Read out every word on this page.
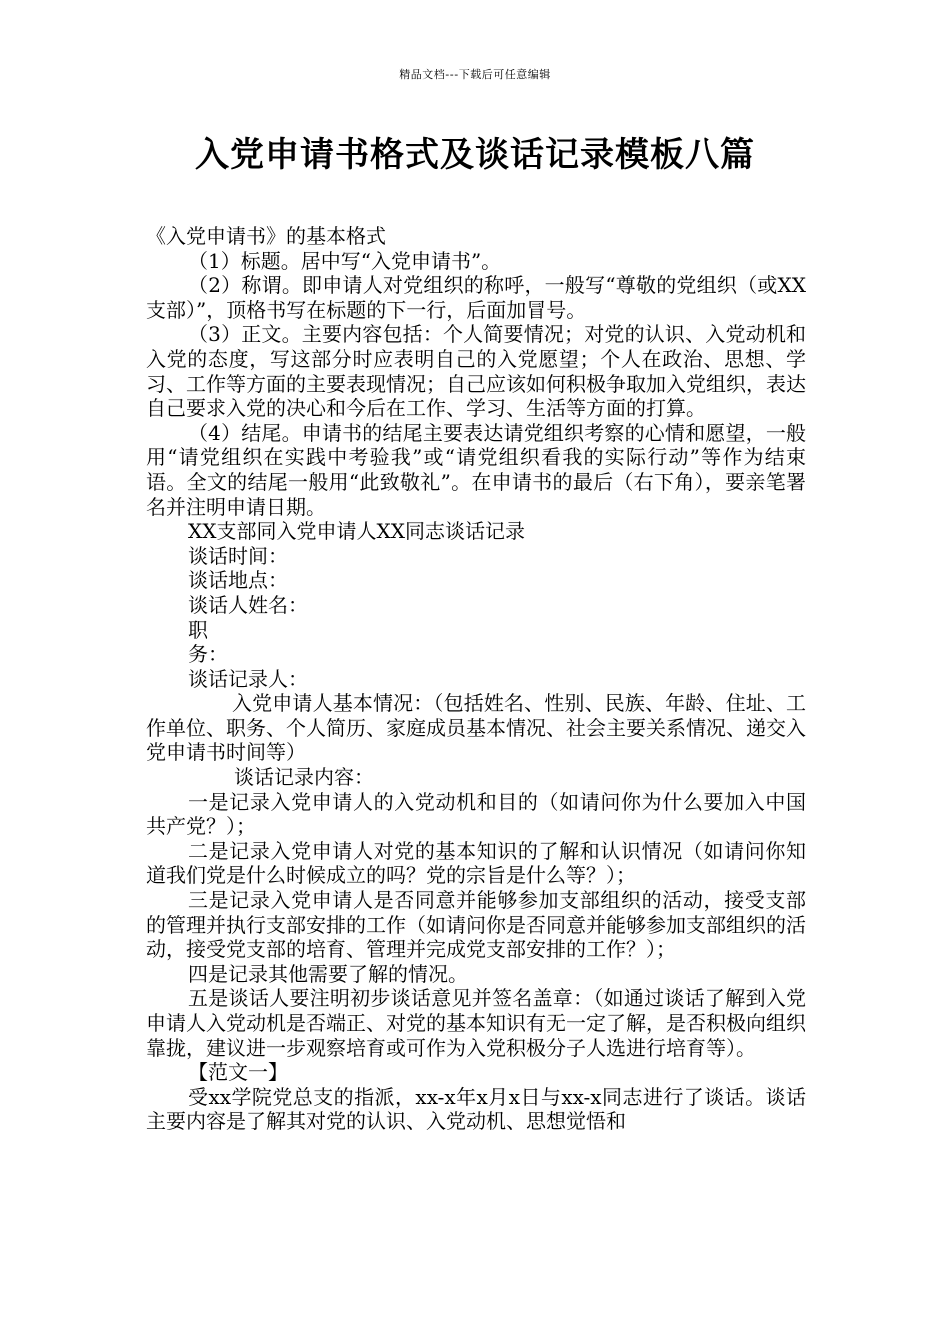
精品文档---下载后可任意编辑
入党申请书格式及谈话记录模板八篇

《入党申请书》的基本格式

（1）标题。居中写“入党申请书”。

（2）称谓。即申请人对党组织的称呼，一般写“尊敬的党组织（或XX支部）”，顶格书写在标题的下一行，后面加冒号。

（3）正文。主要内容包括：个人简要情况；对党的认识、入党动机和入党的态度，写这部分时应表明自己的入党愿望；个人在政治、思想、学习、工作等方面的主要表现情况；自己应该如何积极争取加入党组织，表达自己要求入党的决心和今后在工作、学习、生活等方面的打算。

（4）结尾。申请书的结尾主要表达请党组织考察的心情和愿望，一般用“请党组织在实践中考验我”或“请党组织看我的实际行动”等作为结束语。全文的结尾一般用“此致敬礼”。在申请书的最后（右下角），要亲笔署名并注明申请日期。

XX支部同入党申请人XX同志谈话记录

谈话时间：

谈话地点：

谈话人姓名：

职务：

谈话记录人：

入党申请人基本情况：（包括姓名、性别、民族、年龄、住址、工作单位、职务、个人简历、家庭成员基本情况、社会主要关系情况、递交入党申请书时间等）

谈话记录内容：

一是记录入党申请人的入党动机和目的（如请问你为什么要加入中国共产党？）；

二是记录入党申请人对党的基本知识的了解和认识情况（如请问你知道我们党是什么时候成立的吗？党的宗旨是什么等？）；

三是记录入党申请人是否同意并能够参加支部组织的活动，接受支部的管理并执行支部安排的工作（如请问你是否同意并能够参加支部组织的活动，接受党支部的培育、管理并完成党支部安排的工作？）；

四是记录其他需要了解的情况。

五是谈话人要注明初步谈话意见并签名盖章：（如通过谈话了解到入党申请人入党动机是否端正、对党的基本知识有无一定了解，是否积极向组织靠拢，建议进一步观察培育或可作为入党积极分子人选进行培育等）。

【范文一】

受xx学院党总支的指派，xx-x年x月x日与xx-x同志进行了谈话。谈话主要内容是了解其对党的认识、入党动机、思想觉悟和
